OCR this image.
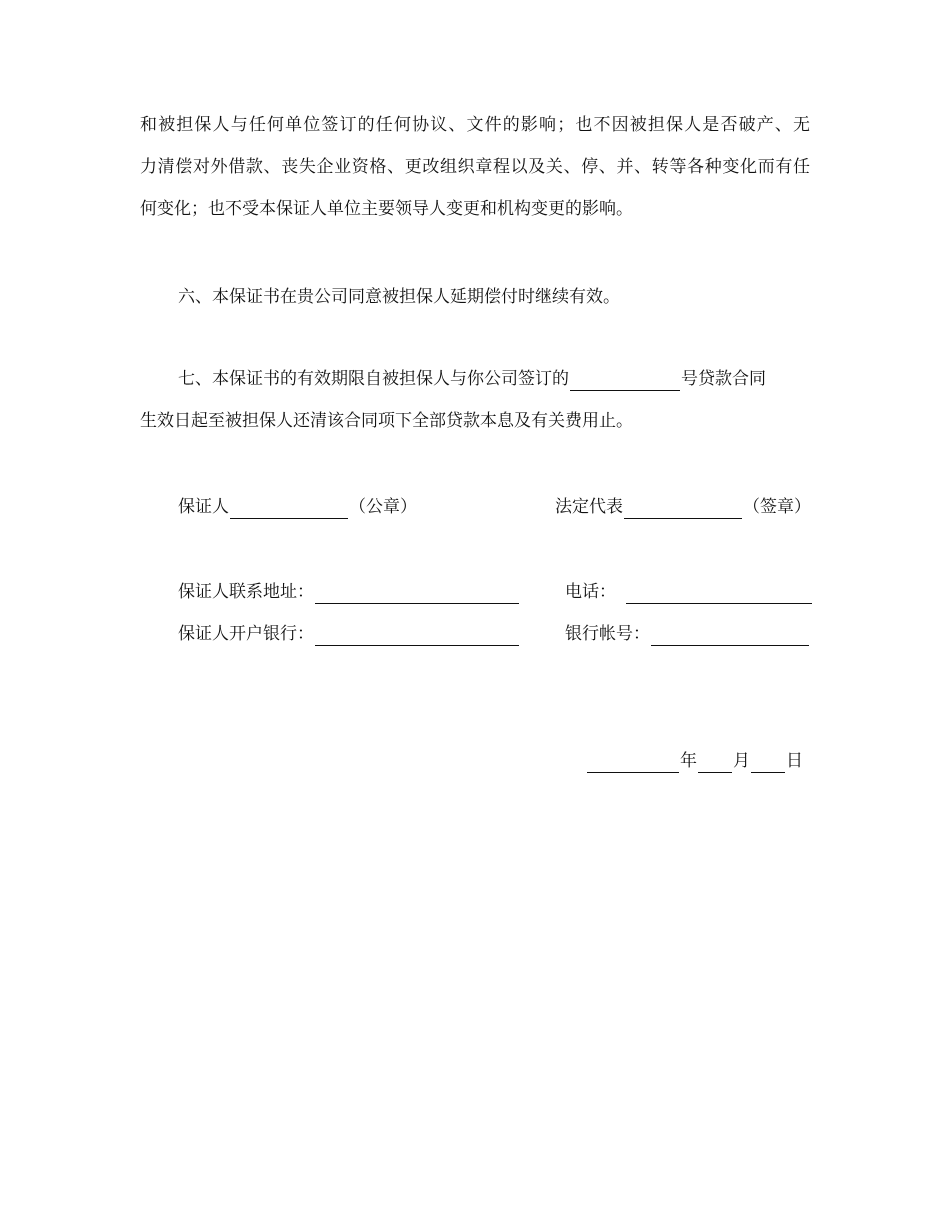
和被担保人与任何单位签订的任何协议、文件的影响；也不因被担保人是否破产、无
力清偿对外借款、丧失企业资格、更改组织章程以及关、停、并、转等各种变化而有任
何变化；也不受本保证人单位主要领导人变更和机构变更的影响。
六、本保证书在贵公司同意被担保人延期偿付时继续有效。
七、本保证书的有效期限自被担保人与你公司签订的	号贷款合同
生效日起至被担保人还清该合同项下全部贷款本息及有关费用止。
保证人	（公章）	法定代表	（签章）
保证人联系地址：	电话：
保证人开户银行：	银行帐号：
年 月 日
